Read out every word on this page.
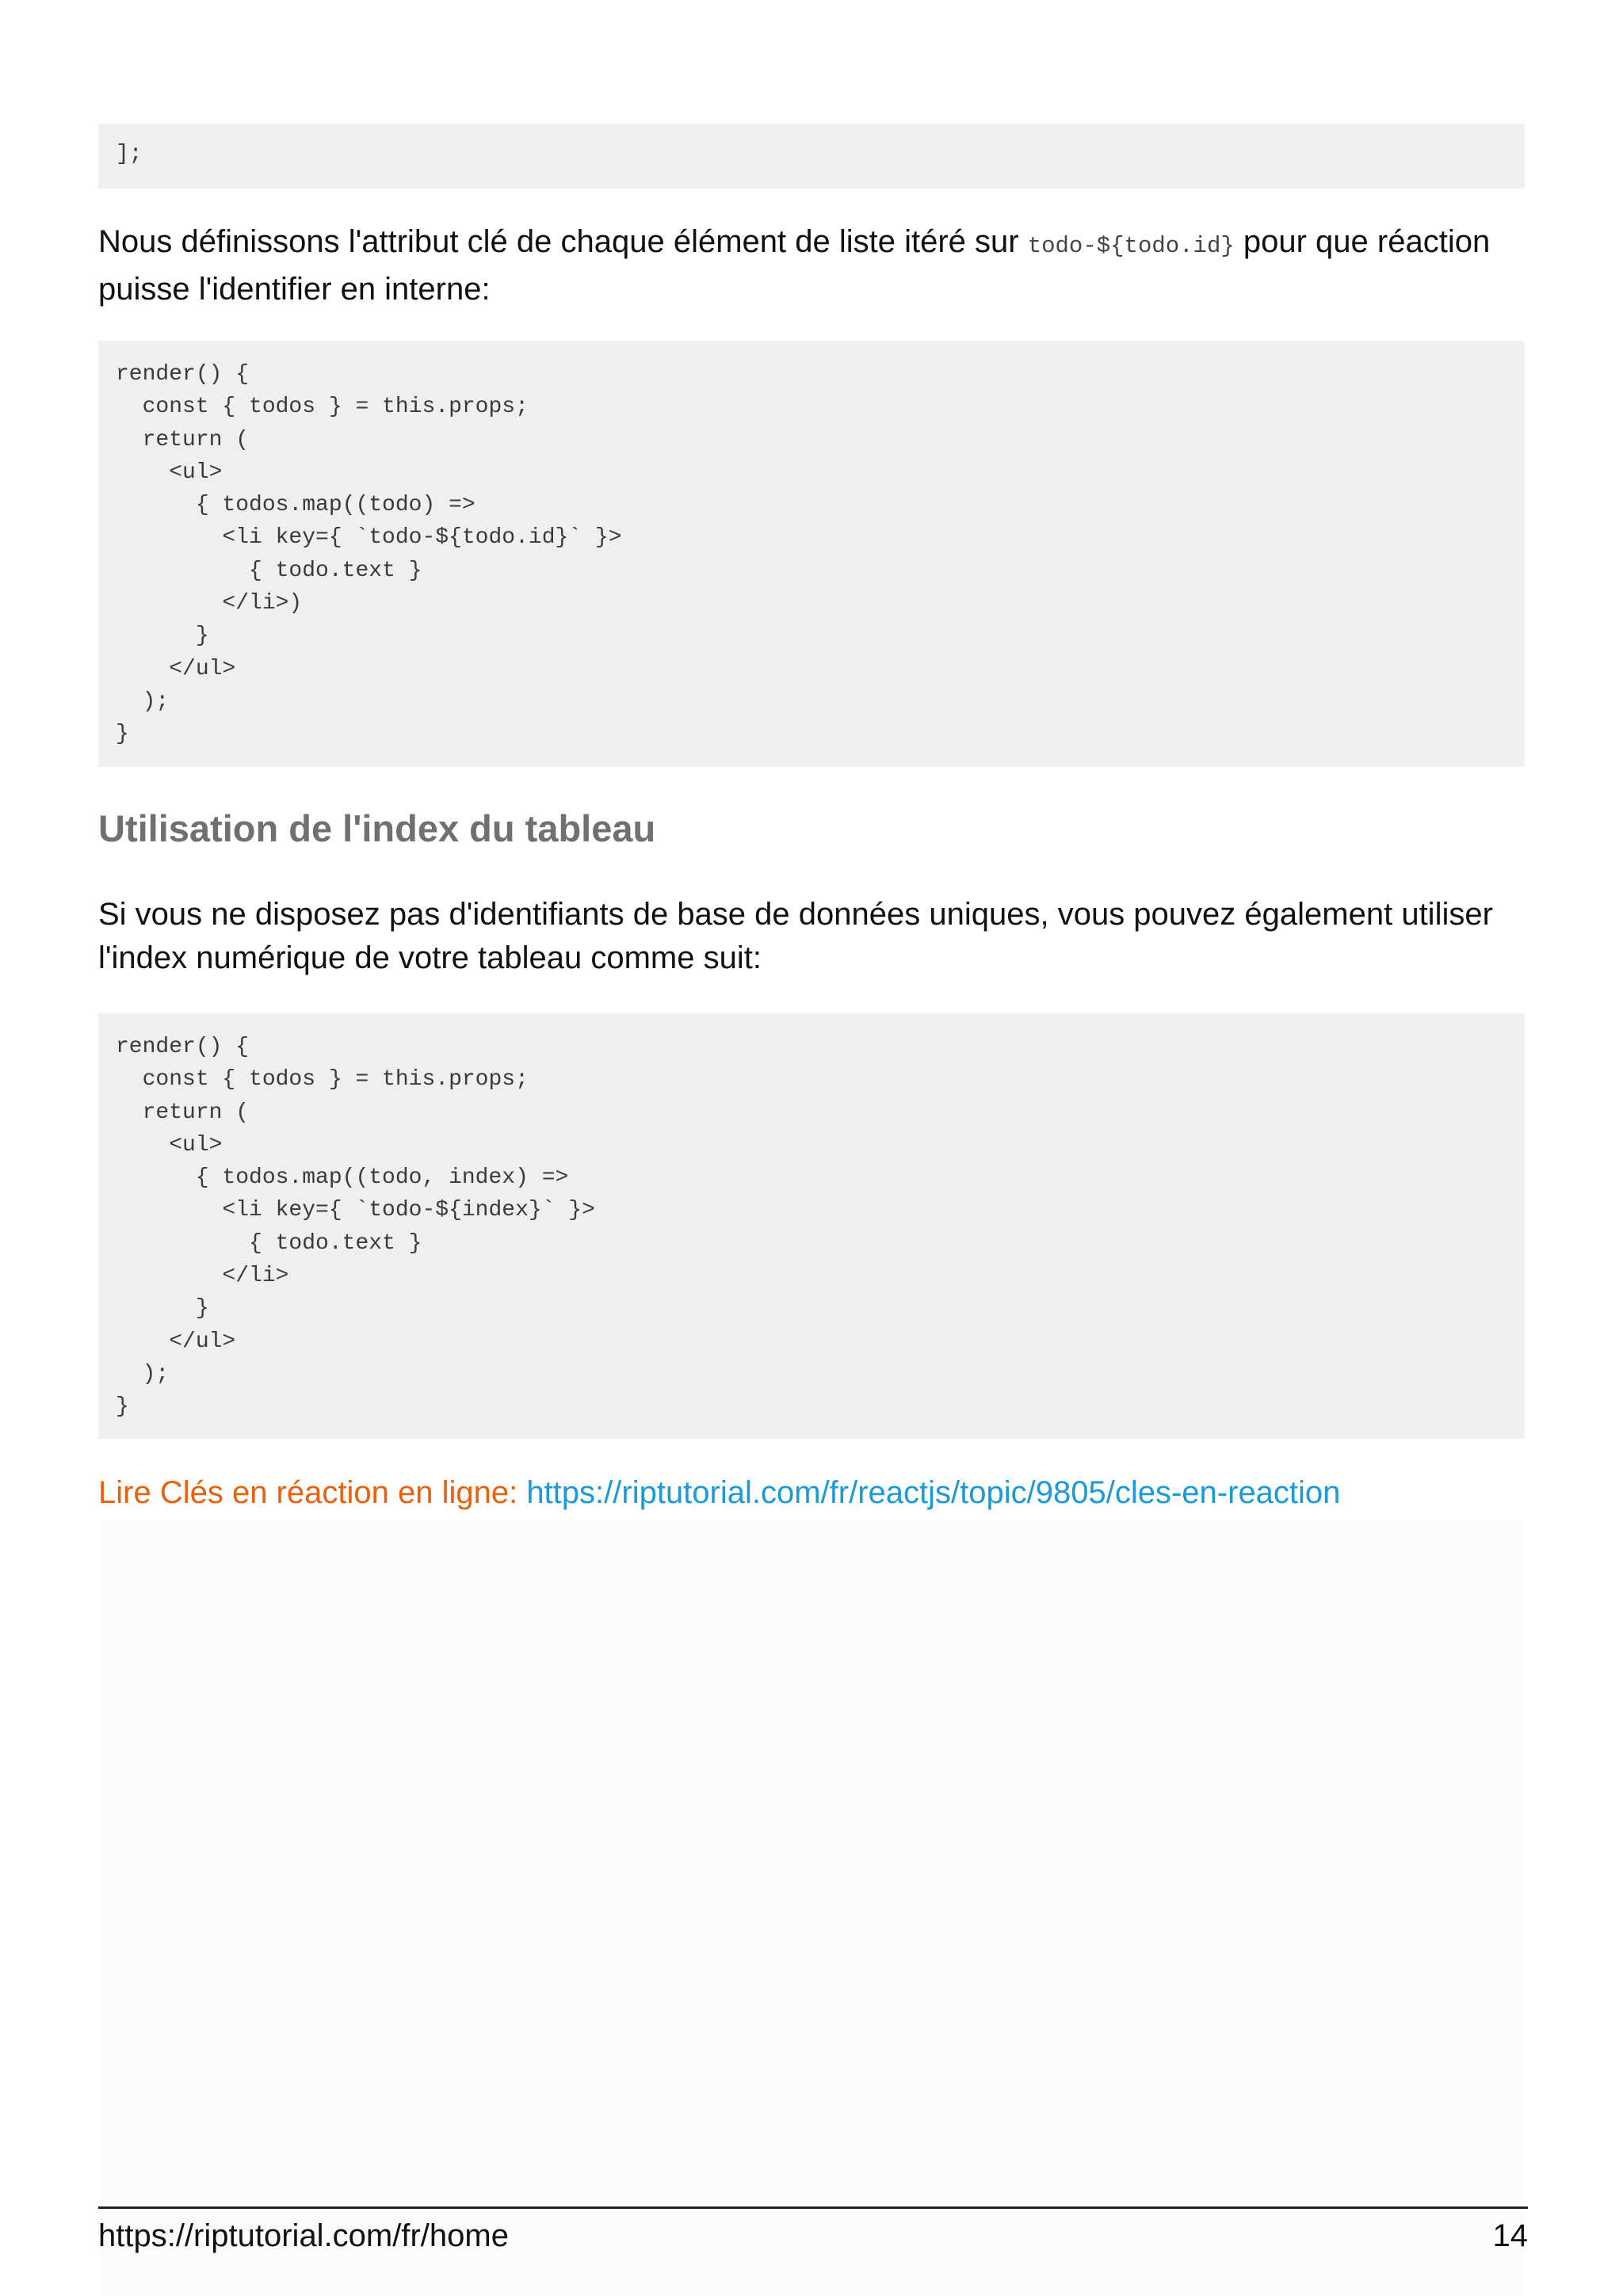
];

Nous définissons l'attribut clé de chaque élément de liste itéré sur todo-${todo.id} pour que réaction puisse l'identifier en interne:

render() {
const { todos } = this.props;
return (
<ul>
{ todos.map((todo) =>
<li key={ `todo-${todo.id}` }>
{ todo.text }
</li>)
}
</ul>
);
}
Utilisation de l'index du tableau

Si vous ne disposez pas d'identifiants de base de données uniques, vous pouvez également utiliser l'index numérique de votre tableau comme suit:

render() {
const { todos } = this.props;
return (
<ul>
{ todos.map((todo, index) =>
<li key={ `todo-${index}` }>
{ todo.text }
</li>
}
</ul>
);
}

Lire Clés en réaction en ligne: https://riptutorial.com/fr/reactjs/topic/9805/cles-en-reaction

https://riptutorial.com/fr/home	14
